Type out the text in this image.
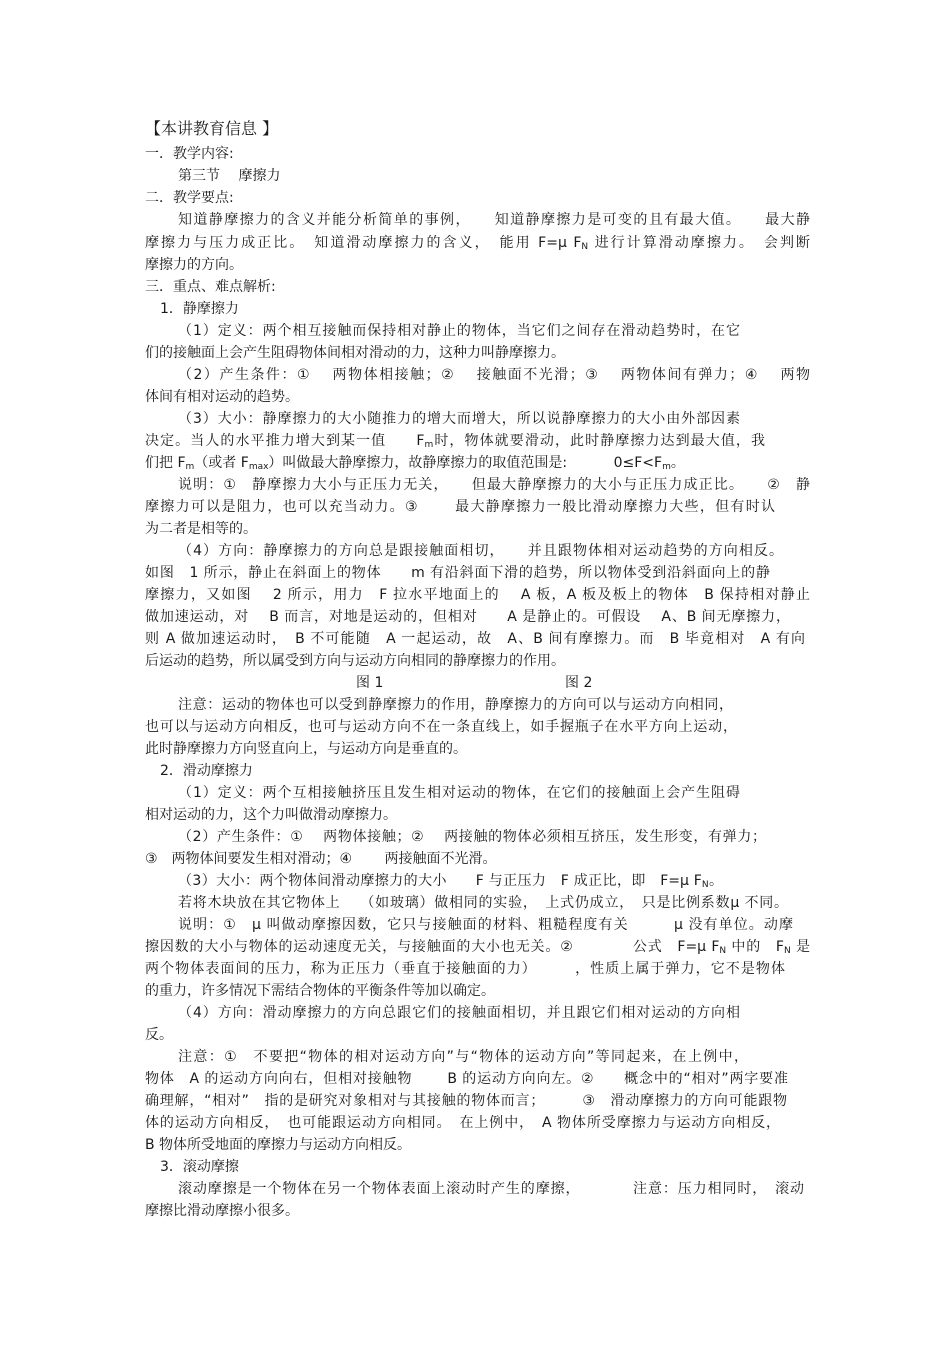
【本讲教育信息 】
一．教学内容:
第三节　 摩擦力
二．教学要点:
知道静摩擦力的含义并能分析简单的事例，　　知道静摩擦力是可变的且有最大值。　　最大静
摩擦力与压力成正比。　知道滑动摩擦力的含义，　能用 F=μ $F_N$ 进行计算滑动摩擦力。　会判断
摩擦力的方向。
三．重点、难点解析:
1．静摩擦力
（1）定义：两个相互接触而保持相对静止的物体，当它们之间存在滑动趋势时，在它
们的接触面上会产生阻碍物体间相对滑动的力，这种力叫静摩擦力。
（2）产生条件：①　 两物体相接触；②　 接触面不光滑；③　 两物体间有弹力；④　 两物
体间有相对运动的趋势。
（3）大小：静摩擦力的大小随推力的增大而增大，所以说静摩擦力的大小由外部因素
决定。当人的水平推力增大到某一值　　$F_m$时，物体就要滑动，此时静摩擦力达到最大值，我
们把 $F_m$（或者 $F_{max}$）叫做最大静摩擦力，故静摩擦力的取值范围是:　　　 $0\le F<F_m$。
说明：①　静摩擦力大小与正压力无关，　　但最大静摩擦力的大小与正压力成正比。　　②　静
摩擦力可以是阻力，也可以充当动力。③　　 最大静摩擦力一般比滑动摩擦力大些，但有时认
为二者是相等的。
（4）方向：静摩擦力的方向总是跟接触面相切，　　并且跟物体相对运动趋势的方向相反。
如图　1 所示，静止在斜面上的物体　　m 有沿斜面下滑的趋势，所以物体受到沿斜面向上的静
摩擦力，又如图　 2 所示，用力　F 拉水平地面上的　 A 板，A 板及板上的物体　B 保持相对静止
做加速运动，对　 B 而言，对地是运动的，但相对　　A 是静止的。可假设　 A、B 间无摩擦力，
则 A 做加速运动时，　B 不可能随　A 一起运动，故　A、B 间有摩擦力。而　B 毕竟相对　A 有向
后运动的趋势，所以属受到方向与运动方向相同的静摩擦力的作用。
图 1	图 2
注意：运动的物体也可以受到静摩擦力的作用，静摩擦力的方向可以与运动方向相同，
也可以与运动方向相反，也可与运动方向不在一条直线上，如手握瓶子在水平方向上运动，
此时静摩擦力方向竖直向上，与运动方向是垂直的。
2．滑动摩擦力
（1）定义：两个互相接触挤压且发生相对运动的物体，在它们的接触面上会产生阻碍
相对运动的力，这个力叫做滑动摩擦力。
（2）产生条件：①　 两物体接触；②　 两接触的物体必须相互挤压，发生形变，有弹力；
③　两物体间要发生相对滑动；④　　 两接触面不光滑。
（3）大小：两个物体间滑动摩擦力的大小　　F 与正压力　F 成正比，即　F=μ $F_N$。
若将木块放在其它物体上　 （如玻璃）做相同的实验，　上式仍成立，　只是比例系数μ 不同。
说明：①　μ 叫做动摩擦因数，它只与接触面的材料、粗糙程度有关　　　μ 没有单位。动摩
擦因数的大小与物体的运动速度无关，与接触面的大小也无关。②　　　　公式　F=μ $F_N$ 中的　$F_N$ 是
两个物体表面间的压力，称为正压力（垂直于接触面的力）　　　，性质上属于弹力，它不是物体
的重力，许多情况下需结合物体的平衡条件等加以确定。
（4）方向：滑动摩擦力的方向总跟它们的接触面相切，并且跟它们相对运动的方向相
反。
注意：①　不要把“物体的相对运动方向”与“物体的运动方向”等同起来，在上例中，
物体　A 的运动方向向右，但相对接触物　　 B 的运动方向向左。②　　概念中的“相对”两字要准
确理解，“相对”　指的是研究对象相对与其接触的物体而言；　　　③　滑动摩擦力的方向可能跟物
体的运动方向相反，　也可能跟运动方向相同。　在上例中，　A 物体所受摩擦力与运动方向相反，
B 物体所受地面的摩擦力与运动方向相反。
3．滚动摩擦
滚动摩擦是一个物体在另一个物体表面上滚动时产生的摩擦，　　　　注意：压力相同时，　滚动
摩擦比滑动摩擦小很多。
